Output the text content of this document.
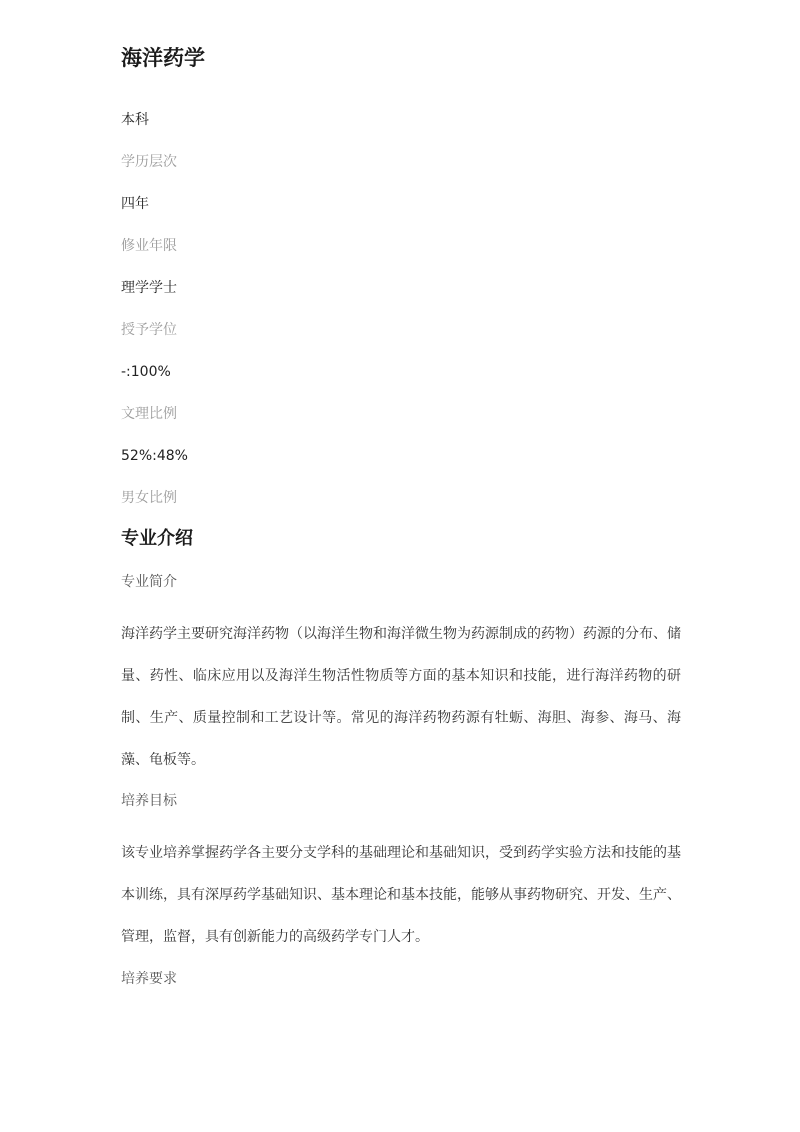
海洋药学
本科
学历层次
四年
修业年限
理学学士
授予学位
-:100%
文理比例
52%:48%
男女比例
专业介绍
专业简介
海洋药学主要研究海洋药物（以海洋生物和海洋微生物为药源制成的药物）药源的分布、储量、药性、临床应用以及海洋生物活性物质等方面的基本知识和技能，进行海洋药物的研制、生产、质量控制和工艺设计等。常见的海洋药物药源有牡蛎、海胆、海参、海马、海藻、龟板等。
培养目标
该专业培养掌握药学各主要分支学科的基础理论和基础知识，受到药学实验方法和技能的基本训练，具有深厚药学基础知识、基本理论和基本技能，能够从事药物研究、开发、生产、管理，监督，具有创新能力的高级药学专门人才。
培养要求
